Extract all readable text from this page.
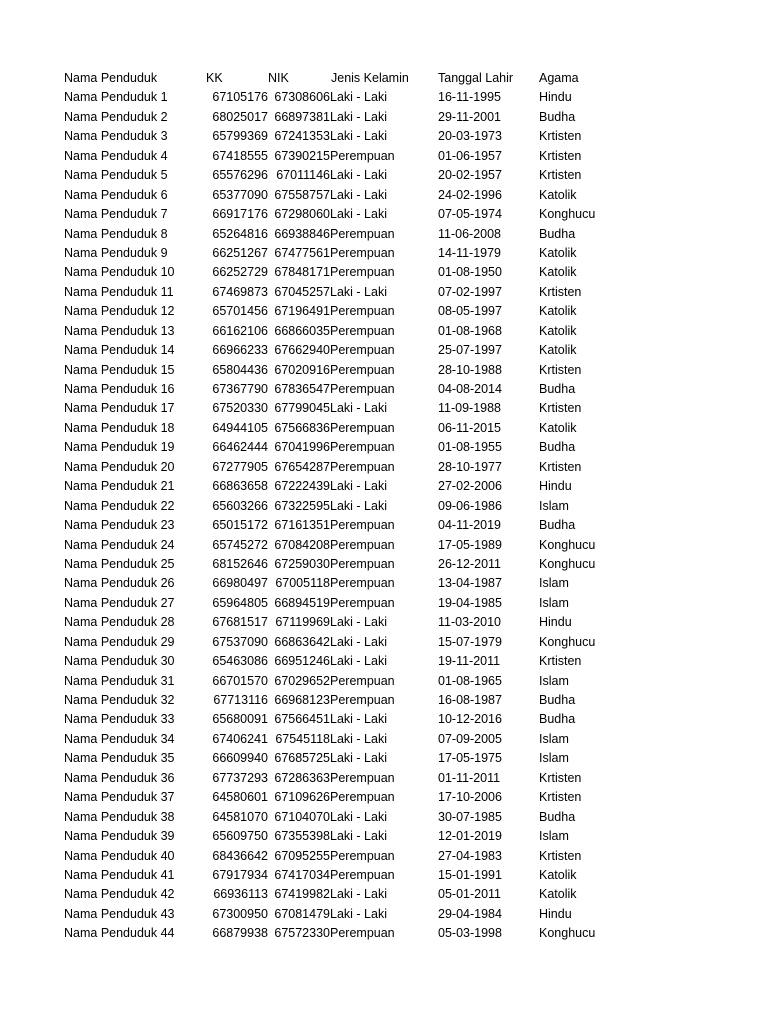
Nama Penduduk	KK	NIK	Jenis Kelamin	Tanggal Lahir	Agama
Nama Penduduk 1	67105176 67308606 Laki - Laki	16-11-1995	Hindu
Nama Penduduk 2	68025017 66897381 Laki - Laki	29-11-2001	Budha
Nama Penduduk 3	65799369 67241353 Laki - Laki	20-03-1973	Krtisten
Nama Penduduk 4	67418555 67390215 Perempuan	01-06-1957	Krtisten
Nama Penduduk 5	65576296 67011146 Laki - Laki	20-02-1957	Krtisten
Nama Penduduk 6	65377090 67558757 Laki - Laki	24-02-1996	Katolik
Nama Penduduk 7	66917176 67298060 Laki - Laki	07-05-1974	Konghucu
Nama Penduduk 8	65264816 66938846 Perempuan	11-06-2008	Budha
Nama Penduduk 9	66251267 67477561 Perempuan	14-11-1979	Katolik
Nama Penduduk 10	66252729 67848171 Perempuan	01-08-1950	Katolik
Nama Penduduk 11	67469873 67045257 Laki - Laki	07-02-1997	Krtisten
Nama Penduduk 12	65701456 67196491 Perempuan	08-05-1997	Katolik
Nama Penduduk 13	66162106 66866035 Perempuan	01-08-1968	Katolik
Nama Penduduk 14	66966233 67662940 Perempuan	25-07-1997	Katolik
Nama Penduduk 15	65804436 67020916 Perempuan	28-10-1988	Krtisten
Nama Penduduk 16	67367790 67836547 Perempuan	04-08-2014	Budha
Nama Penduduk 17	67520330 67799045 Laki - Laki	11-09-1988	Krtisten
Nama Penduduk 18	64944105 67566836 Perempuan	06-11-2015	Katolik
Nama Penduduk 19	66462444 67041996 Perempuan	01-08-1955	Budha
Nama Penduduk 20	67277905 67654287 Perempuan	28-10-1977	Krtisten
Nama Penduduk 21	66863658 67222439 Laki - Laki	27-02-2006	Hindu
Nama Penduduk 22	65603266 67322595 Laki - Laki	09-06-1986	Islam
Nama Penduduk 23	65015172 67161351 Perempuan	04-11-2019	Budha
Nama Penduduk 24	65745272 67084208 Perempuan	17-05-1989	Konghucu
Nama Penduduk 25	68152646 67259030 Perempuan	26-12-2011	Konghucu
Nama Penduduk 26	66980497 67005118 Perempuan	13-04-1987	Islam
Nama Penduduk 27	65964805 66894519 Perempuan	19-04-1985	Islam
Nama Penduduk 28	67681517 67119969 Laki - Laki	11-03-2010	Hindu
Nama Penduduk 29	67537090 66863642 Laki - Laki	15-07-1979	Konghucu
Nama Penduduk 30	65463086 66951246 Laki - Laki	19-11-2011	Krtisten
Nama Penduduk 31	66701570 67029652 Perempuan	01-08-1965	Islam
Nama Penduduk 32	67713116 66968123 Perempuan	16-08-1987	Budha
Nama Penduduk 33	65680091 67566451 Laki - Laki	10-12-2016	Budha
Nama Penduduk 34	67406241 67545118 Laki - Laki	07-09-2005	Islam
Nama Penduduk 35	66609940 67685725 Laki - Laki	17-05-1975	Islam
Nama Penduduk 36	67737293 67286363 Perempuan	01-11-2011	Krtisten
Nama Penduduk 37	64580601 67109626 Perempuan	17-10-2006	Krtisten
Nama Penduduk 38	64581070 67104070 Laki - Laki	30-07-1985	Budha
Nama Penduduk 39	65609750 67355398 Laki - Laki	12-01-2019	Islam
Nama Penduduk 40	68436642 67095255 Perempuan	27-04-1983	Krtisten
Nama Penduduk 41	67917934 67417034 Perempuan	15-01-1991	Katolik
Nama Penduduk 42	66936113 67419982 Laki - Laki	05-01-2011	Katolik
Nama Penduduk 43	67300950 67081479 Laki - Laki	29-04-1984	Hindu
Nama Penduduk 44	66879938 67572330 Perempuan	05-03-1998	Konghucu
